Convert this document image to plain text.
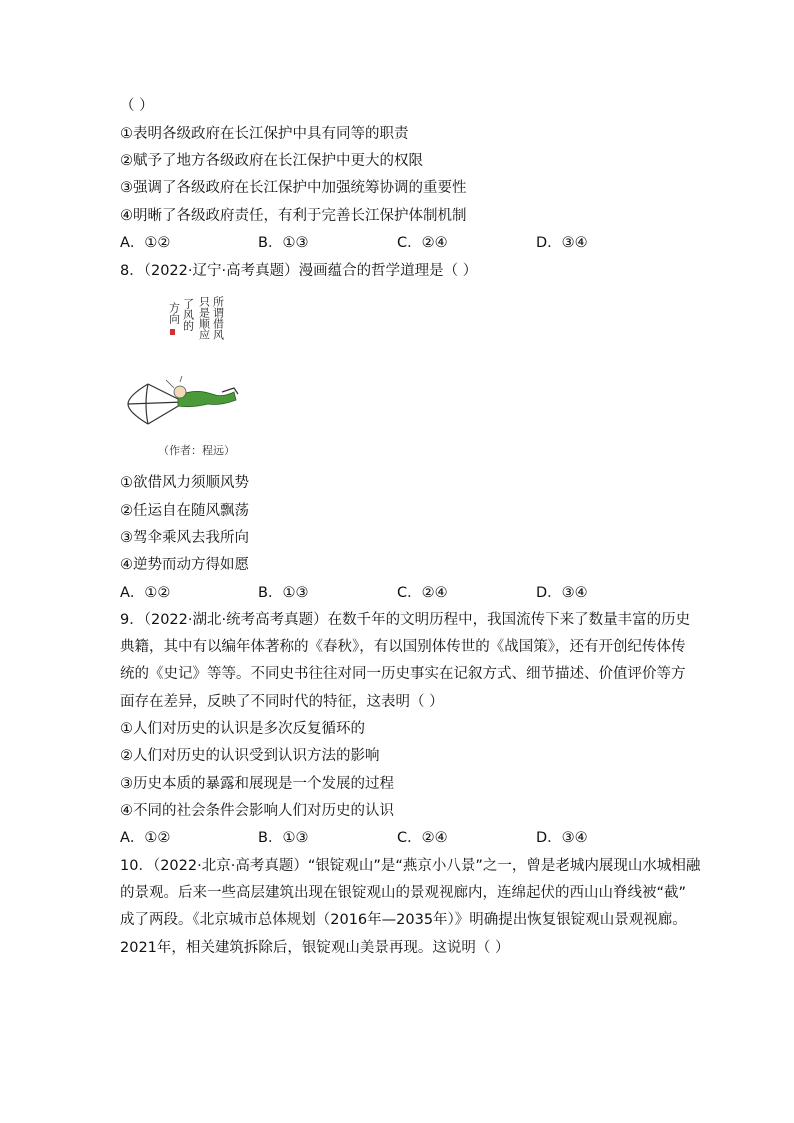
（ ）
①表明各级政府在长江保护中具有同等的职责
②赋予了地方各级政府在长江保护中更大的权限
③强调了各级政府在长江保护中加强统筹协调的重要性
④明晰了各级政府责任，有利于完善长江保护体制机制
A．①②	B．①③	C．②④	D．③④
8．（2022·辽宁·高考真题）漫画蕴合的哲学道理是（ ）
所谓借风
只是顺应
了风的
方向
（作者：程远）
①欲借风力须顺风势
②任运自在随风飘荡
③驾伞乘风去我所向
④逆势而动方得如愿
A．①②	B．①③	C．②④	D．③④
9．（2022·湖北·统考高考真题）在数千年的文明历程中，我国流传下来了数量丰富的历史
典籍，其中有以编年体著称的《春秋》，有以国别体传世的《战国策》，还有开创纪传体传
统的《史记》等等。不同史书往往对同一历史事实在记叙方式、细节描述、价值评价等方
面存在差异，反映了不同时代的特征，这表明（ ）
①人们对历史的认识是多次反复循环的
②人们对历史的认识受到认识方法的影响
③历史本质的暴露和展现是一个发展的过程
④不同的社会条件会影响人们对历史的认识
A．①②	B．①③	C．②④	D．③④
10．（2022·北京·高考真题）“银锭观山”是“燕京小八景”之一，曾是老城内展现山水城相融
的景观。后来一些高层建筑出现在银锭观山的景观视廊内，连绵起伏的西山山脊线被“截”
成了两段。《北京城市总体规划（2016年—2035年）》明确提出恢复银锭观山景观视廊。
2021年，相关建筑拆除后，银锭观山美景再现。这说明（ ）
